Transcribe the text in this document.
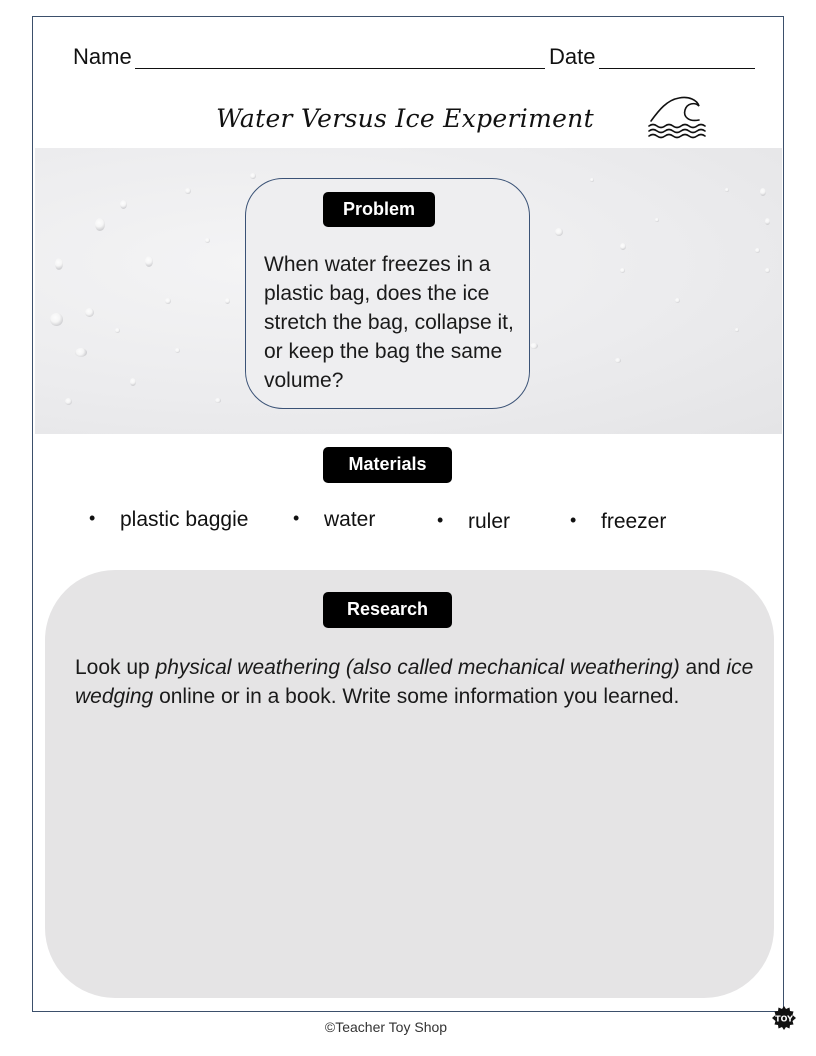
Name	Date
Water Versus Ice Experiment
Problem
When water freezes in a plastic bag, does the ice stretch the bag, collapse it, or keep the bag the same volume?
Materials
• plastic baggie • water	• ruler	• freezer
Research
Look up physical weathering (also called mechanical weathering) and ice wedging online or in a book. Write some information you learned.
©Teacher Toy Shop	TOY
